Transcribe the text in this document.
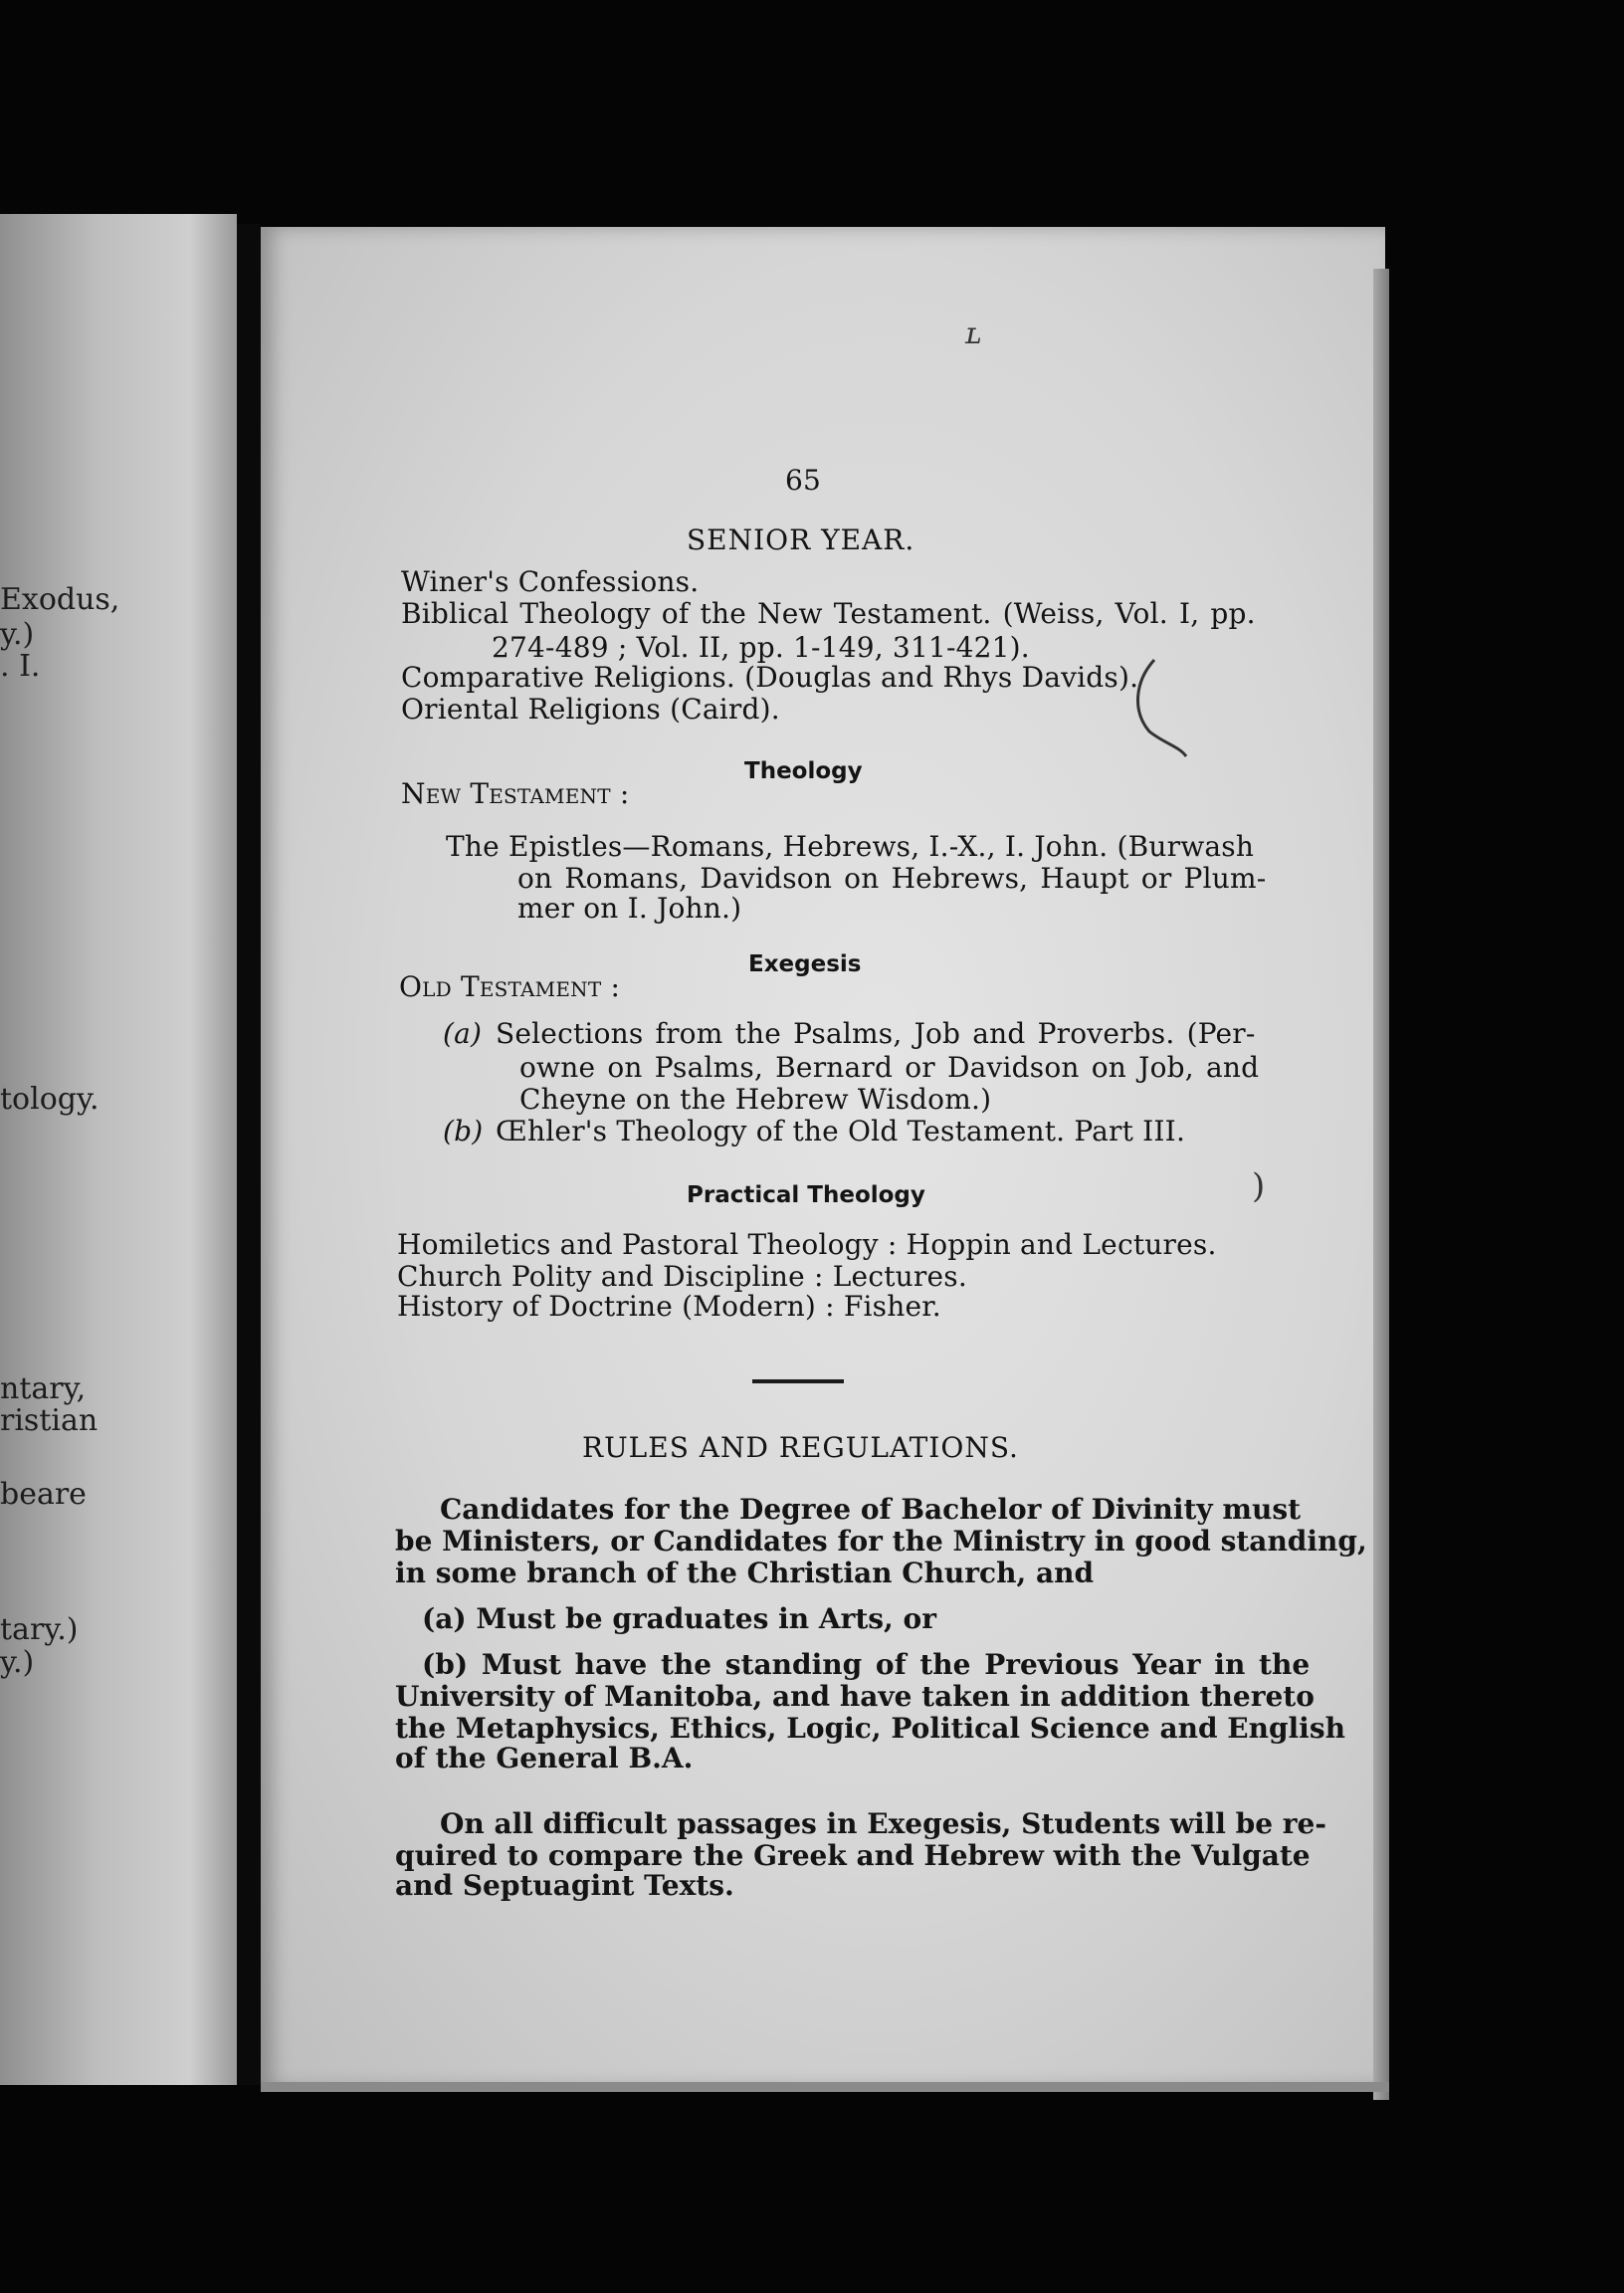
Exodus,
y.)
. I.
tology.
ntary,
ristian
beare
tary.)
y.)
ʟ
)
65
SENIOR YEAR.
Winer's Confessions.
Biblical Theology of the New Testament. (Weiss, Vol. I, pp.
274-489 ; Vol. II, pp. 1-149, 311-421).
Comparative Religions. (Douglas and Rhys Davids).
Oriental Religions (Caird).
Theology
New Testament :
The Epistles—Romans, Hebrews, I.-X., I. John. (Burwash
on Romans, Davidson on Hebrews, Haupt or Plum-
mer on I. John.)
Exegesis
Old Testament :
(a) Selections from the Psalms, Job and Proverbs. (Per-
owne on Psalms, Bernard or Davidson on Job, and
Cheyne on the Hebrew Wisdom.)
(b) Œhler's Theology of the Old Testament. Part III.
Practical Theology
Homiletics and Pastoral Theology : Hoppin and Lectures.
Church Polity and Discipline : Lectures.
History of Doctrine (Modern) : Fisher.
RULES AND REGULATIONS.
Candidates for the Degree of Bachelor of Divinity must
be Ministers, or Candidates for the Ministry in good standing,
in some branch of the Christian Church, and
(a) Must be graduates in Arts, or
(b) Must have the standing of the Previous Year in the
University of Manitoba, and have taken in addition thereto
the Metaphysics, Ethics, Logic, Political Science and English
of the General B.A.
On all difficult passages in Exegesis, Students will be re-
quired to compare the Greek and Hebrew with the Vulgate
and Septuagint Texts.
